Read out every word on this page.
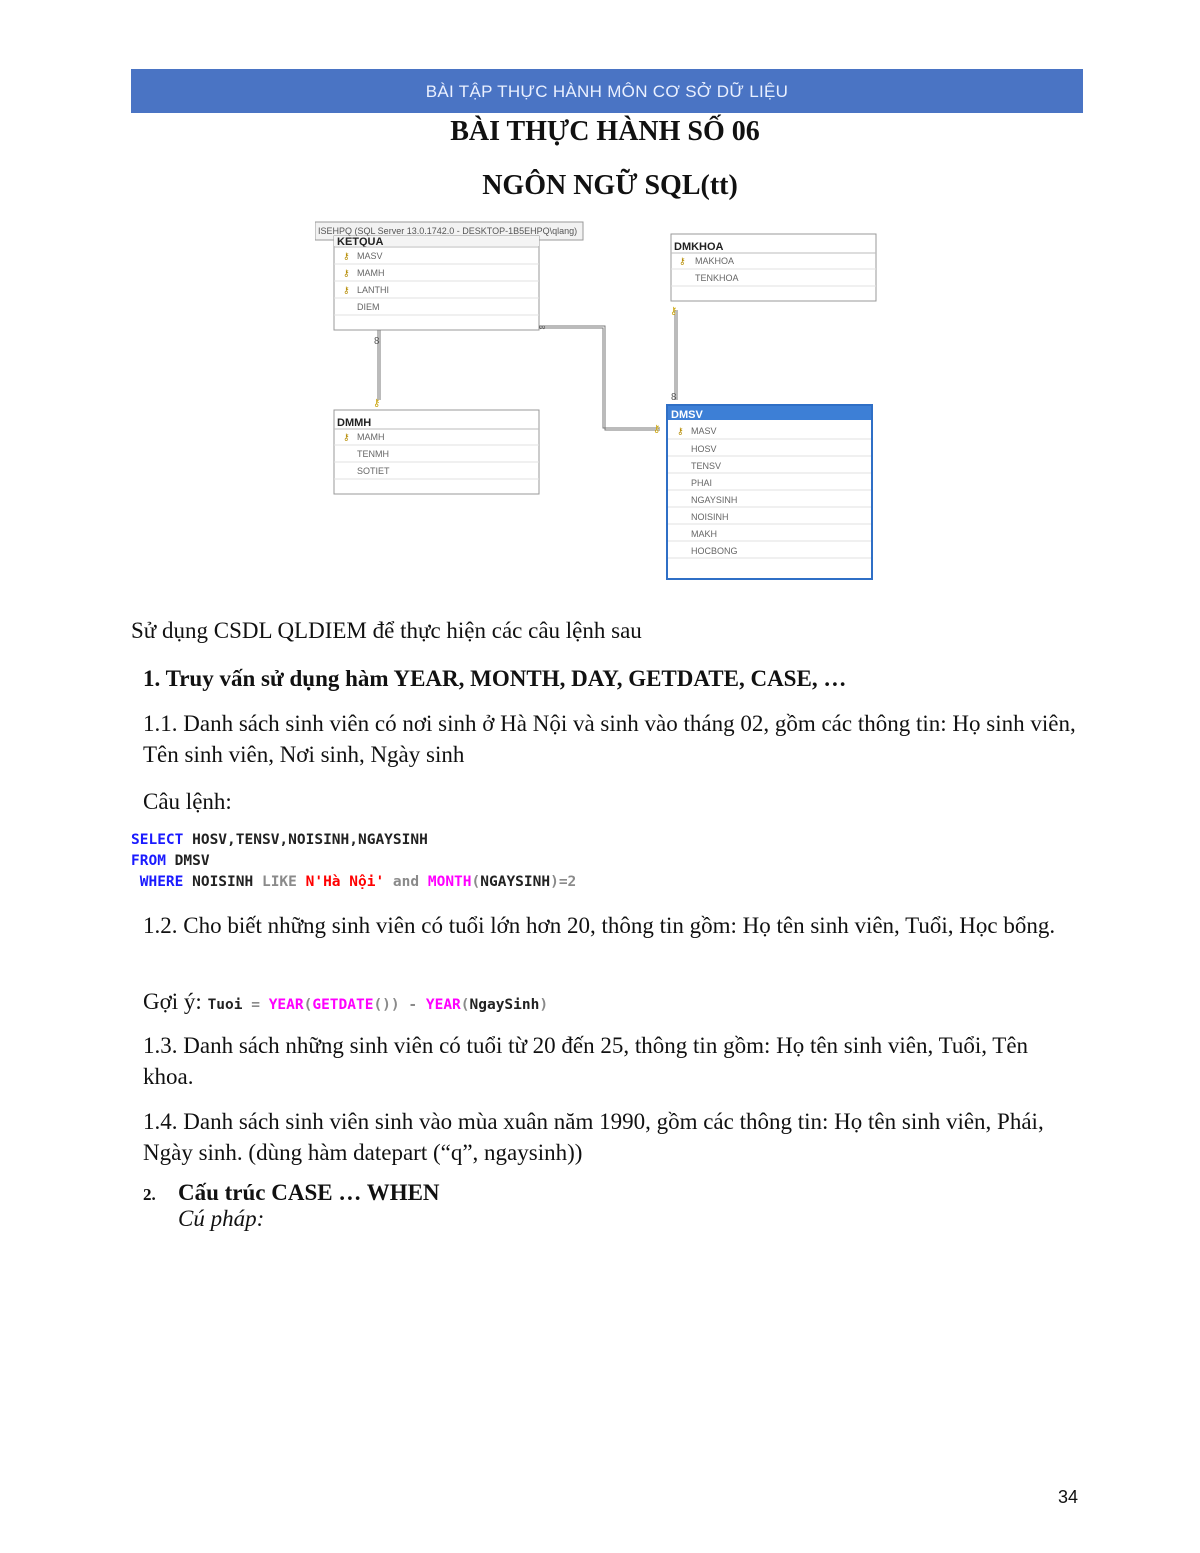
BÀI TẬP THỰC HÀNH MÔN CƠ SỞ DỮ LIỆU
BÀI THỰC HÀNH SỐ 06
NGÔN NGỮ SQL(tt)
ISEHPQ (SQL Server 13.0.1742.0 - DESKTOP-1B5EHPQ\qlang)
KETQUA
⚷ MASV
⚷ MAMH
⚷ LANTHI
DIEM
DMKHOA
⚷ MAKHOA
TENKHOA
DMMH
⚷ MAMH
TENMH
SOTIET
DMSV
⚷ MASV
HOSV
TENSV
PHAI
NGAYSINH
NOISINH
MAKH
HOCBONG
∞
8
8
⚷
⚷
⚷
Sử dụng CSDL QLDIEM để thực hiện các câu lệnh sau
1. Truy vấn sử dụng hàm YEAR, MONTH, DAY, GETDATE, CASE, …
1.1. Danh sách sinh viên có nơi sinh ở Hà Nội và sinh vào tháng 02, gồm các thông tin: Họ sinh viên, Tên sinh viên, Nơi sinh, Ngày sinh
Câu lệnh:
SELECT HOSV,TENSV,NOISINH,NGAYSINH
FROM DMSV
WHERE NOISINH LIKE N'Hà Nội' and MONTH(NGAYSINH)=2
1.2. Cho biết những sinh viên có tuổi lớn hơn 20, thông tin gồm: Họ tên sinh viên, Tuổi, Học bổng.
Gợi ý: Tuoi = YEAR(GETDATE()) - YEAR(NgaySinh)
1.3. Danh sách những sinh viên có tuổi từ 20 đến 25, thông tin gồm: Họ tên sinh viên, Tuổi, Tên khoa.
1.4. Danh sách sinh viên sinh vào mùa xuân năm 1990, gồm các thông tin: Họ tên sinh viên, Phái, Ngày sinh. (dùng hàm datepart (“q”, ngaysinh))
2. Cấu trúc CASE … WHEN
Cú pháp:
34
